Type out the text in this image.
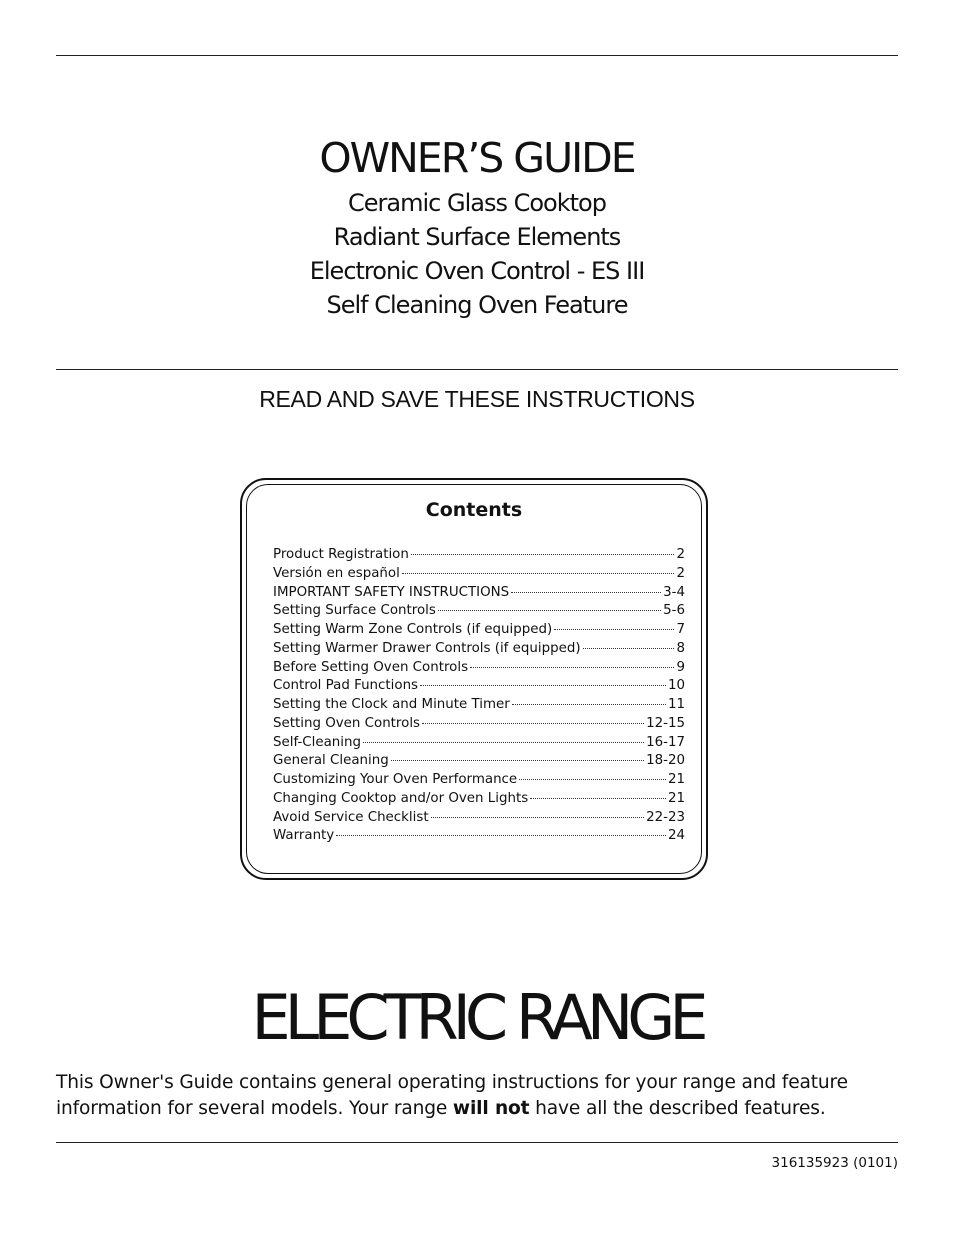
OWNER’S GUIDE

Ceramic Glass Cooktop

Radiant Surface Elements

Electronic Oven Control - ES III

Self Cleaning Oven Feature

READ AND SAVE THESE INSTRUCTIONS
Contents
Product Registration	2
Versión en español	2
IMPORTANT SAFETY INSTRUCTIONS	3-4
Setting Surface Controls	5-6
Setting Warm Zone Controls (if equipped)	7
Setting Warmer Drawer Controls (if equipped)	8
Before Setting Oven Controls	9
Control Pad Functions	10
Setting the Clock and Minute Timer	11
Setting Oven Controls	12-15
Self-Cleaning	16-17
General Cleaning	18-20
Customizing Your Oven Performance	21
Changing Cooktop and/or Oven Lights	21
Avoid Service Checklist	22-23
Warranty	24
ELECTRIC RANGE

This Owner's Guide contains general operating instructions for your range and feature information for several models. Your range will not have all the described features.

316135923 (0101)
